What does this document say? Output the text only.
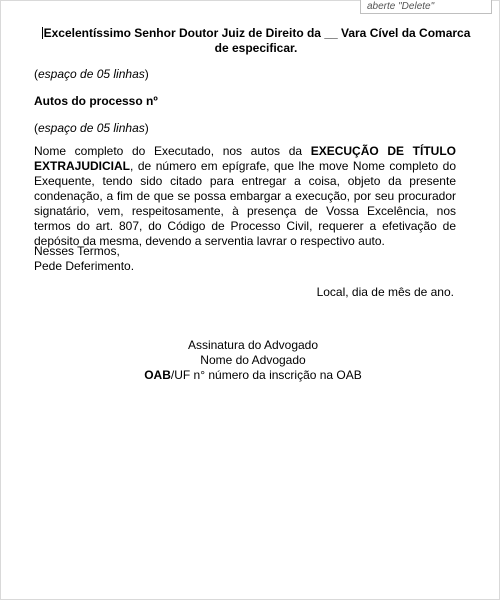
aberte "Delete"
Excelentíssimo Senhor Doutor Juiz de Direito da __ Vara Cível da Comarca
de especificar.

(espaço de 05 linhas)

Autos do processo nº

(espaço de 05 linhas)

Nome completo do Executado, nos autos da EXECUÇÃO DE TÍTULO EXTRAJUDICIAL, de número em epígrafe, que lhe move Nome completo do Exequente, tendo sido citado para entregar a coisa, objeto da presente condenação, a fim de que se possa embargar a execução, por seu procurador signatário, vem, respeitosamente, à presença de Vossa Excelência, nos termos do art. 807, do Código de Processo Civil, requerer a efetivação de depósito da mesma, devendo a serventia lavrar o respectivo auto.

Nesses Termos,
Pede Deferimento.

Local, dia de mês de ano.

Assinatura do Advogado
Nome do Advogado
OAB/UF n° número da inscrição na OAB
